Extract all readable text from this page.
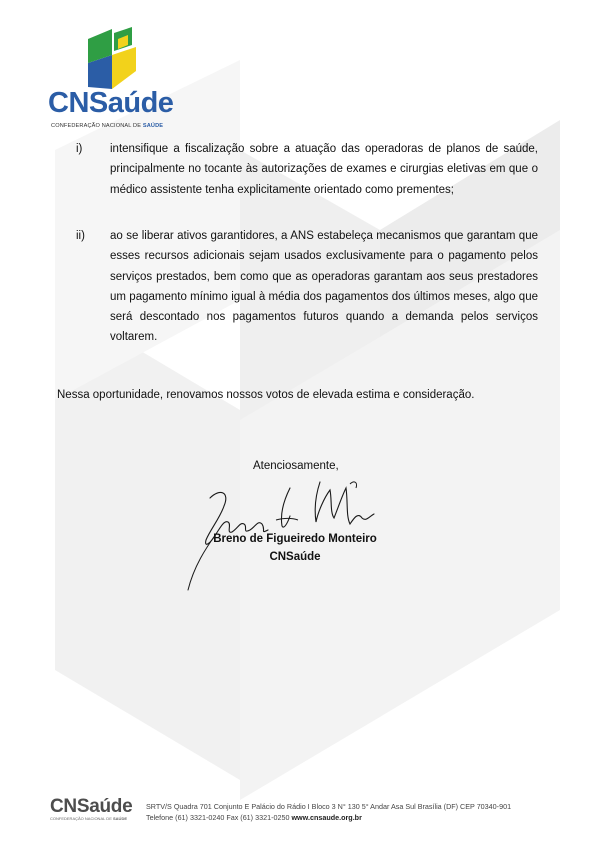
CNSaúde
CONFEDERAÇÃO NACIONAL DE SAÚDE
i) intensifique a fiscalização sobre a atuação das operadoras de planos de saúde, principalmente no tocante às autorizações de exames e cirurgias eletivas em que o médico assistente tenha explicitamente orientado como prementes;
ii) ao se liberar ativos garantidores, a ANS estabeleça mecanismos que garantam que esses recursos adicionais sejam usados exclusivamente para o pagamento pelos serviços prestados, bem como que as operadoras garantam aos seus prestadores um pagamento mínimo igual à média dos pagamentos dos últimos meses, algo que será descontado nos pagamentos futuros quando a demanda pelos serviços voltarem.
Nessa oportunidade, renovamos nossos votos de elevada estima e consideração.
Atenciosamente,
Breno de Figueiredo Monteiro
CNSaúde
CNSaúde
CONFEDERAÇÃO NACIONAL DE SAÚDE
SRTV/S Quadra 701 Conjunto E Palácio do Rádio I Bloco 3 N° 130 5° Andar Asa Sul Brasília (DF) CEP 70340-901
Telefone (61) 3321-0240 Fax (61) 3321-0250 www.cnsaude.org.br
